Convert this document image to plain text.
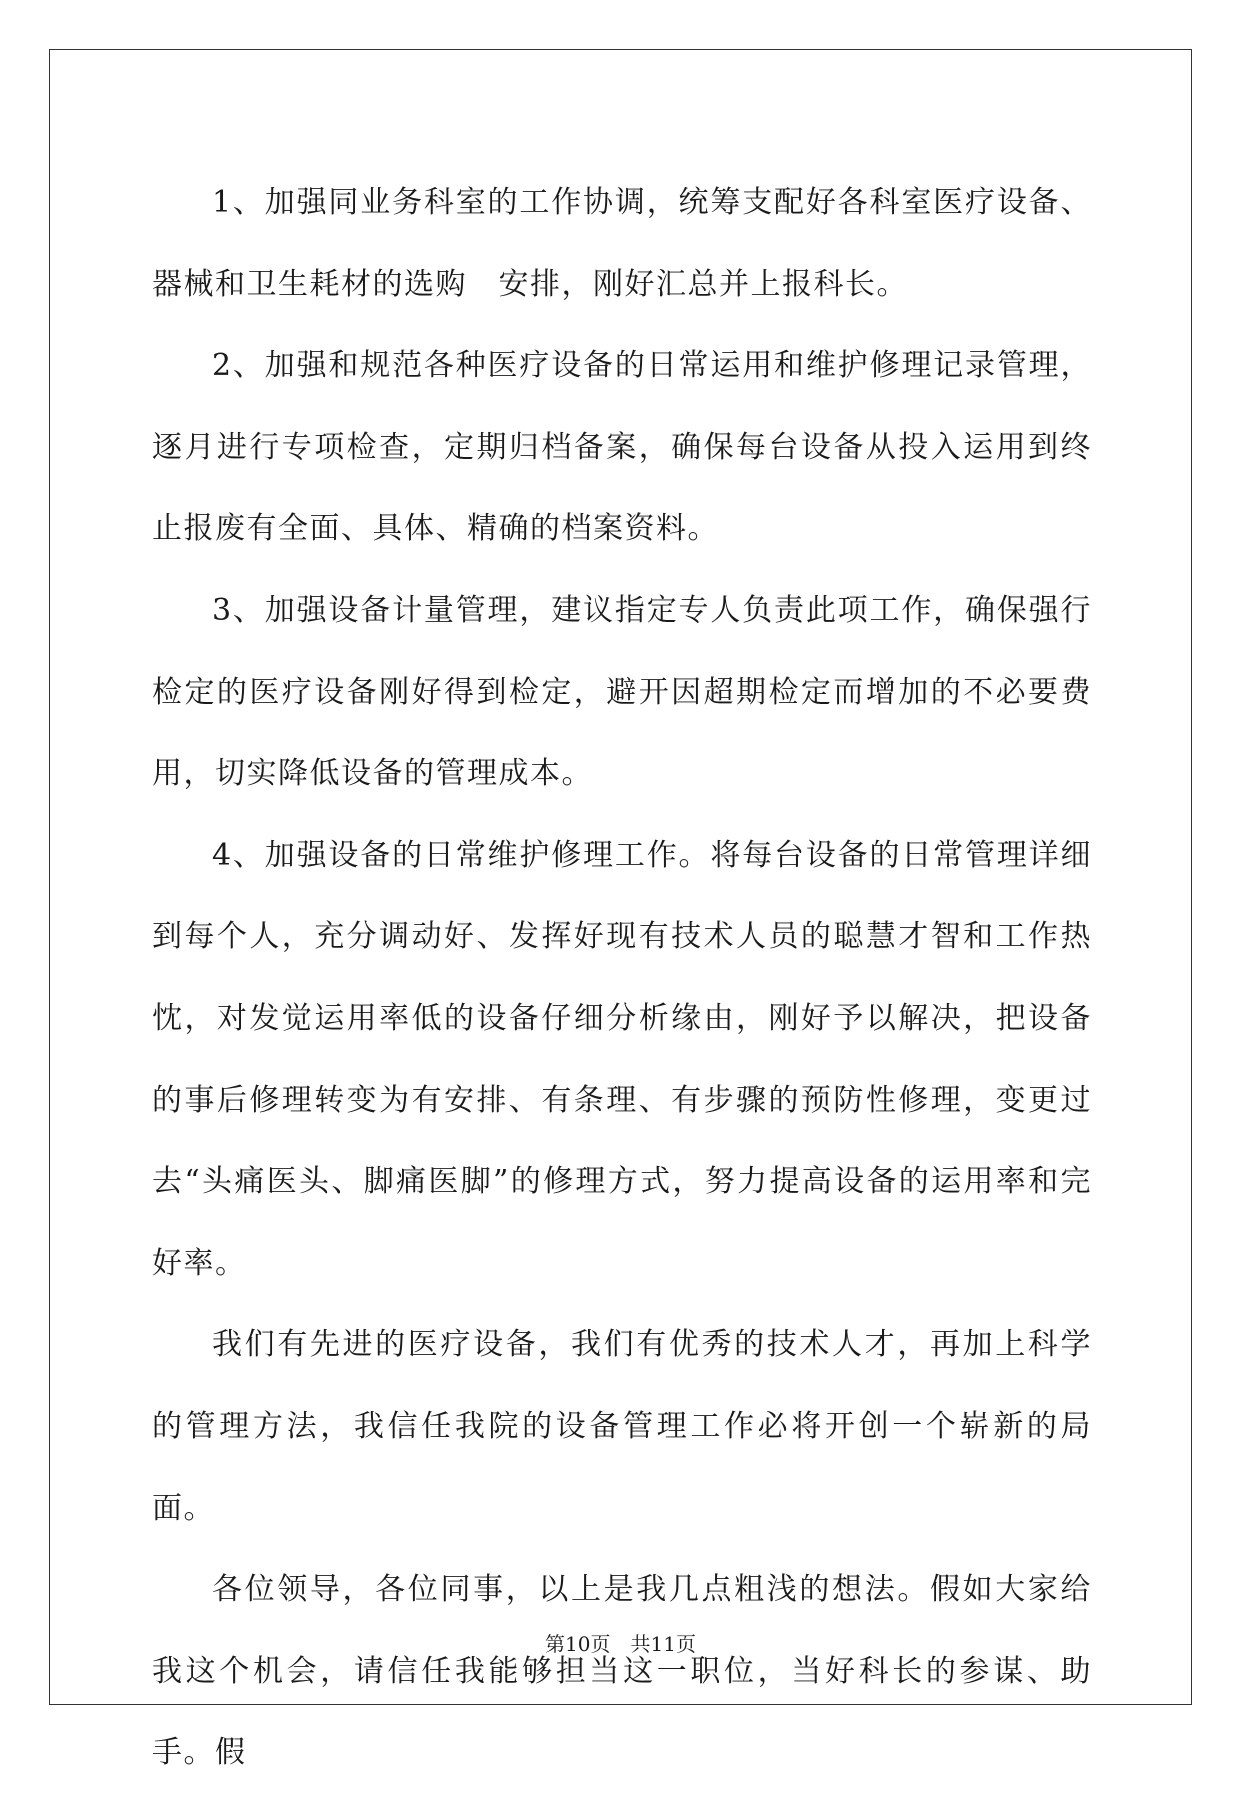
1、加强同业务科室的工作协调，统筹支配好各科室医疗设备、器械和卫生耗材的选购　安排，刚好汇总并上报科长。

2、加强和规范各种医疗设备的日常运用和维护修理记录管理，逐月进行专项检查，定期归档备案，确保每台设备从投入运用到终止报废有全面、具体、精确的档案资料。

3、加强设备计量管理，建议指定专人负责此项工作，确保强行检定的医疗设备刚好得到检定，避开因超期检定而增加的不必要费用，切实降低设备的管理成本。

4、加强设备的日常维护修理工作。将每台设备的日常管理详细到每个人，充分调动好、发挥好现有技术人员的聪慧才智和工作热忱，对发觉运用率低的设备仔细分析缘由，刚好予以解决，把设备的事后修理转变为有安排、有条理、有步骤的预防性修理，变更过去“头痛医头、脚痛医脚”的修理方式，努力提高设备的运用率和完好率。

我们有先进的医疗设备，我们有优秀的技术人才，再加上科学的管理方法，我信任我院的设备管理工作必将开创一个崭新的局面。

各位领导，各位同事，以上是我几点粗浅的想法。假如大家给我这个机会，请信任我能够担当这一职位，当好科长的参谋、助手。假

第10页　共11页
